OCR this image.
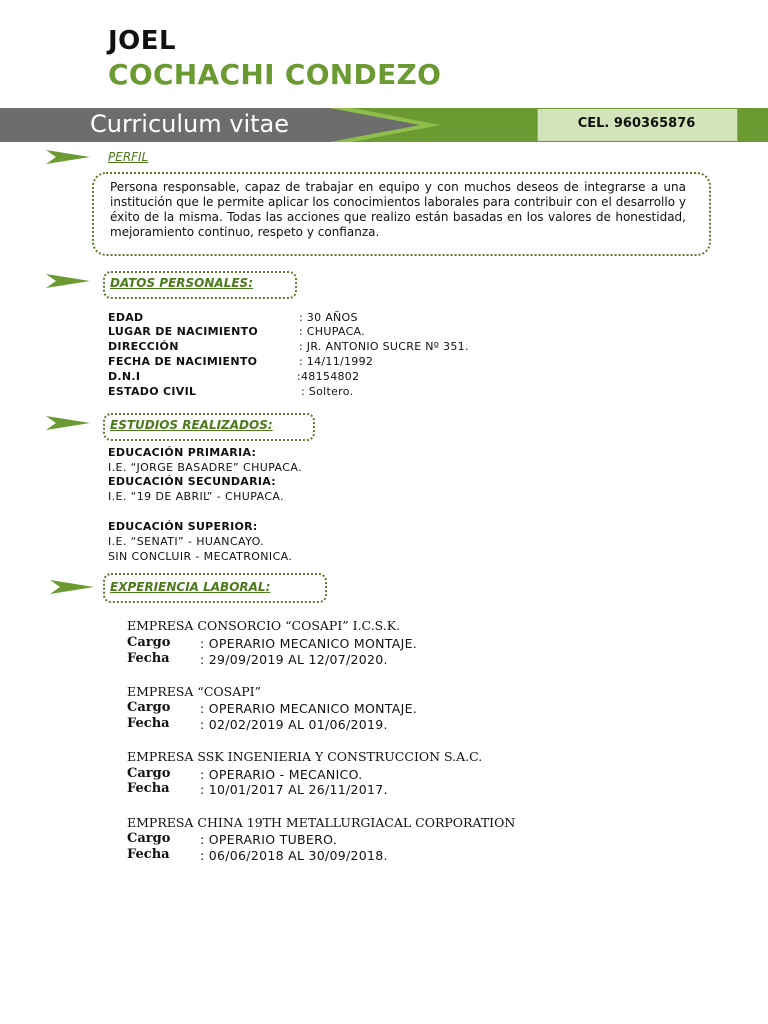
JOEL
COCHACHI CONDEZO
Curriculum vitae	CEL. 960365876
PERFIL
Persona responsable, capaz de trabajar en equipo y con muchos deseos de integrarse a una institución que le permite aplicar los conocimientos laborales para contribuir con el desarrollo y éxito de la misma. Todas las acciones que realizo están basadas en los valores de honestidad, mejoramiento continuo, respeto y confianza.
DATOS PERSONALES:
EDAD	: 30 AÑOS
LUGAR DE NACIMIENTO	: CHUPACA.
DIRECCIÓN	: JR. ANTONIO SUCRE Nº 351.
FECHA DE NACIMIENTO	: 14/11/1992
D.N.I	:48154802
ESTADO CIVIL	: Soltero.
ESTUDIOS REALIZADOS:
EDUCACIÓN PRIMARIA:
I.E. “JORGE BASADRE” CHUPACA.
EDUCACIÓN SECUNDARIA:
I.E. “19 DE ABRIL” - CHUPACA.
EDUCACIÓN SUPERIOR:
I.E. “SENATI” - HUANCAYO.
SIN CONCLUIR - MECATRONICA.
EXPERIENCIA LABORAL:
EMPRESA CONSORCIO “COSAPI” I.C.S.K.
Cargo : OPERARIO MECANICO MONTAJE.
Fecha : 29/09/2019 AL 12/07/2020.
EMPRESA “COSAPI”
Cargo : OPERARIO MECANICO MONTAJE.
Fecha : 02/02/2019 AL 01/06/2019.
EMPRESA SSK INGENIERIA Y CONSTRUCCION S.A.C.
Cargo : OPERARIO - MECANICO.
Fecha : 10/01/2017 AL 26/11/2017.
EMPRESA CHINA 19TH METALLURGIACAL CORPORATION
Cargo : OPERARIO TUBERO.
Fecha : 06/06/2018 AL 30/09/2018.
